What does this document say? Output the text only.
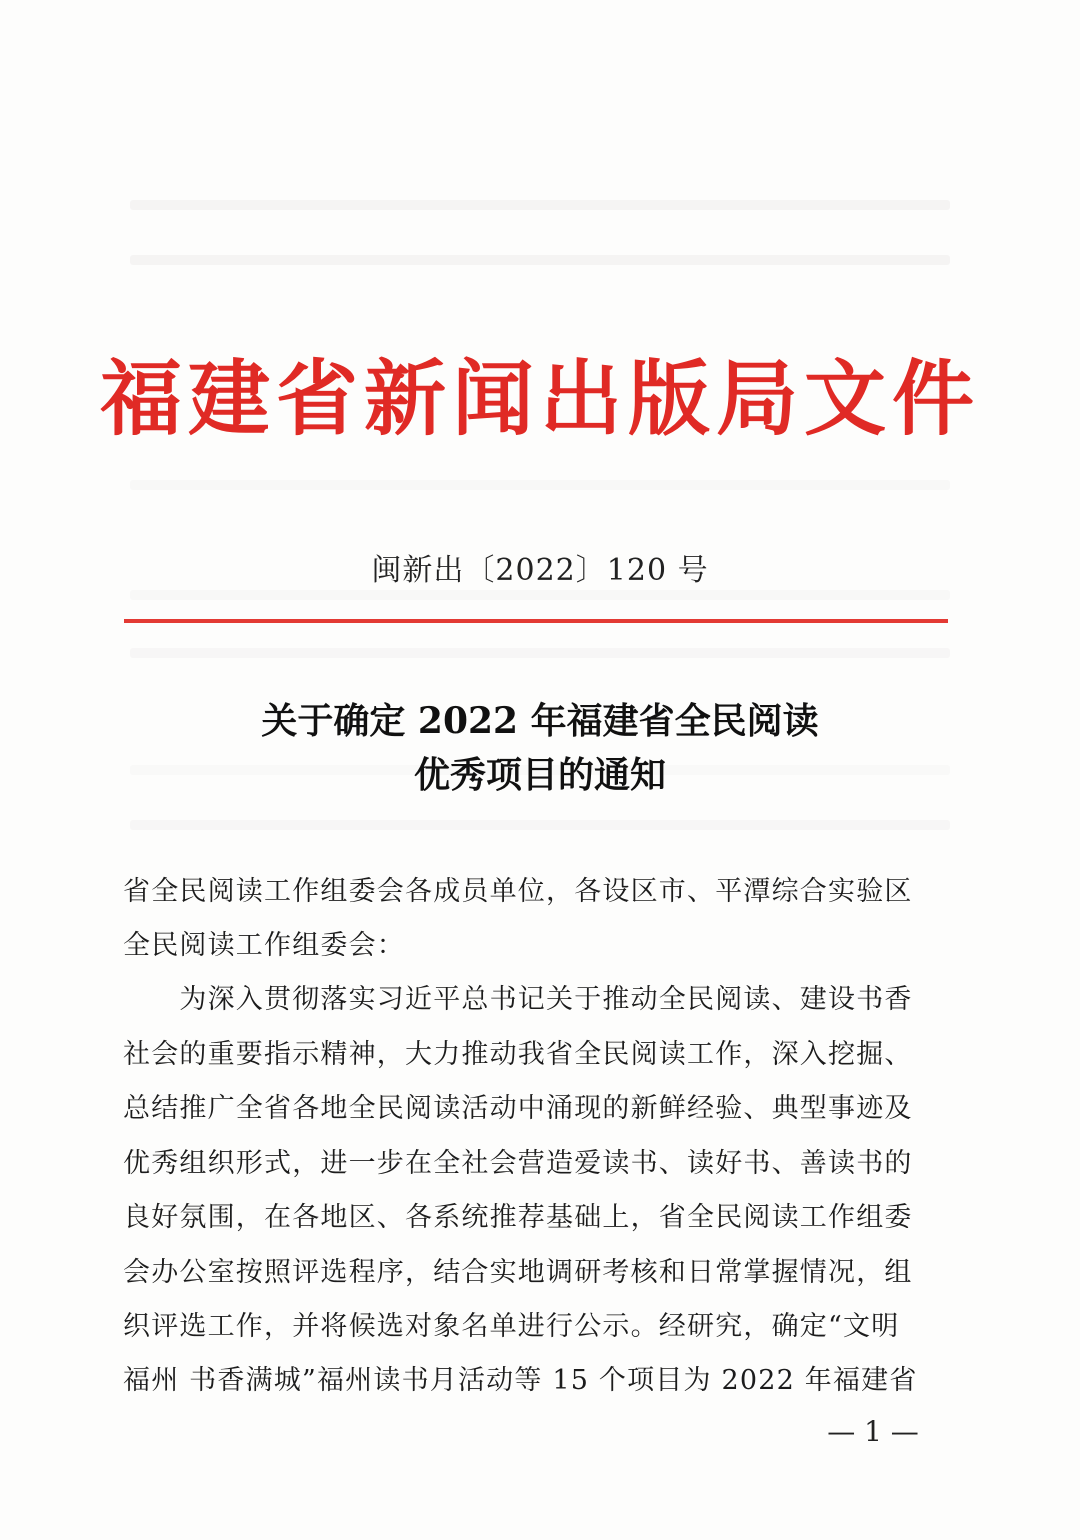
福建省新闻出版局文件
闽新出〔2022〕120 号
关于确定 2022 年福建省全民阅读
优秀项目的通知
省全民阅读工作组委会各成员单位，各设区市、平潭综合实验区
全民阅读工作组委会：
　　为深入贯彻落实习近平总书记关于推动全民阅读、建设书香
社会的重要指示精神，大力推动我省全民阅读工作，深入挖掘、
总结推广全省各地全民阅读活动中涌现的新鲜经验、典型事迹及
优秀组织形式，进一步在全社会营造爱读书、读好书、善读书的
良好氛围，在各地区、各系统推荐基础上，省全民阅读工作组委
会办公室按照评选程序，结合实地调研考核和日常掌握情况，组
织评选工作，并将候选对象名单进行公示。经研究，确定“文明
福州 书香满城”福州读书月活动等 15 个项目为 2022 年福建省
— 1 —
